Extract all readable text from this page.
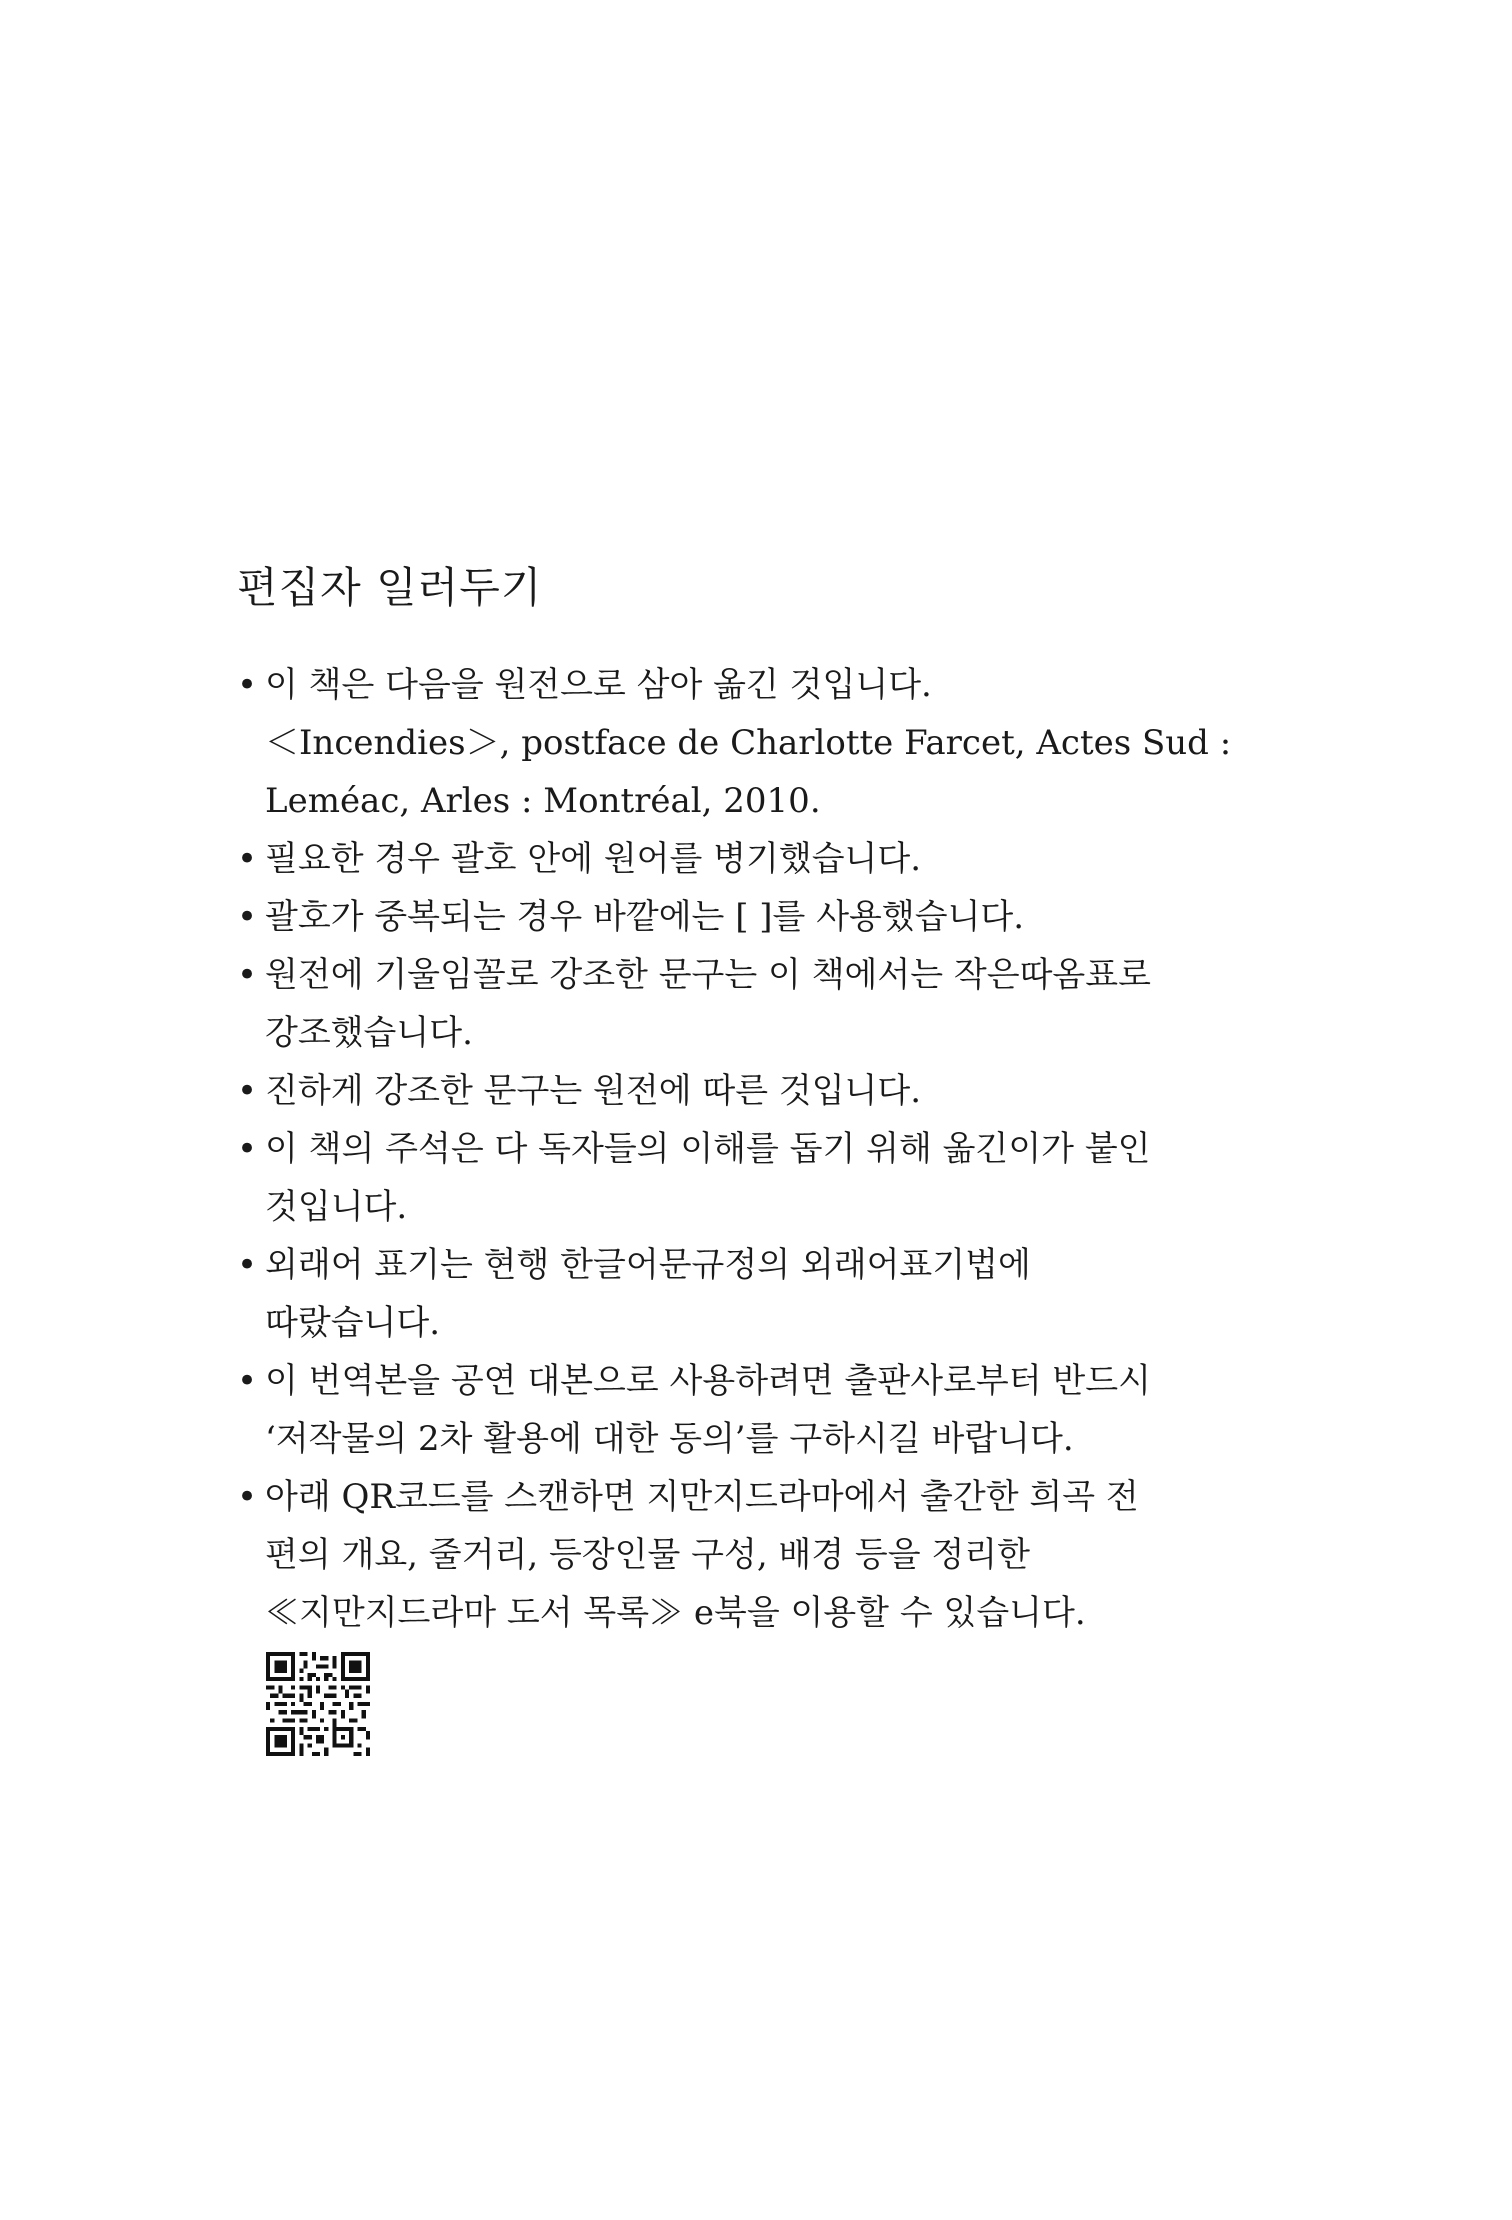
편집자 일러두기
• 이 책은 다음을 원전으로 삼아 옮긴 것입니다.
＜Incendies＞, postface de Charlotte Farcet, Actes Sud :
Leméac, Arles : Montréal, 2010.
• 필요한 경우 괄호 안에 원어를 병기했습니다.
• 괄호가 중복되는 경우 바깥에는 [ ]를 사용했습니다.
• 원전에 기울임꼴로 강조한 문구는 이 책에서는 작은따옴표로
강조했습니다.
• 진하게 강조한 문구는 원전에 따른 것입니다.
• 이 책의 주석은 다 독자들의 이해를 돕기 위해 옮긴이가 붙인
것입니다.
• 외래어 표기는 현행 한글어문규정의 외래어표기법에
따랐습니다.
• 이 번역본을 공연 대본으로 사용하려면 출판사로부터 반드시
‘저작물의 2차 활용에 대한 동의’를 구하시길 바랍니다.
• 아래 QR코드를 스캔하면 지만지드라마에서 출간한 희곡 전
편의 개요, 줄거리, 등장인물 구성, 배경 등을 정리한
≪지만지드라마 도서 목록≫ e북을 이용할 수 있습니다.
